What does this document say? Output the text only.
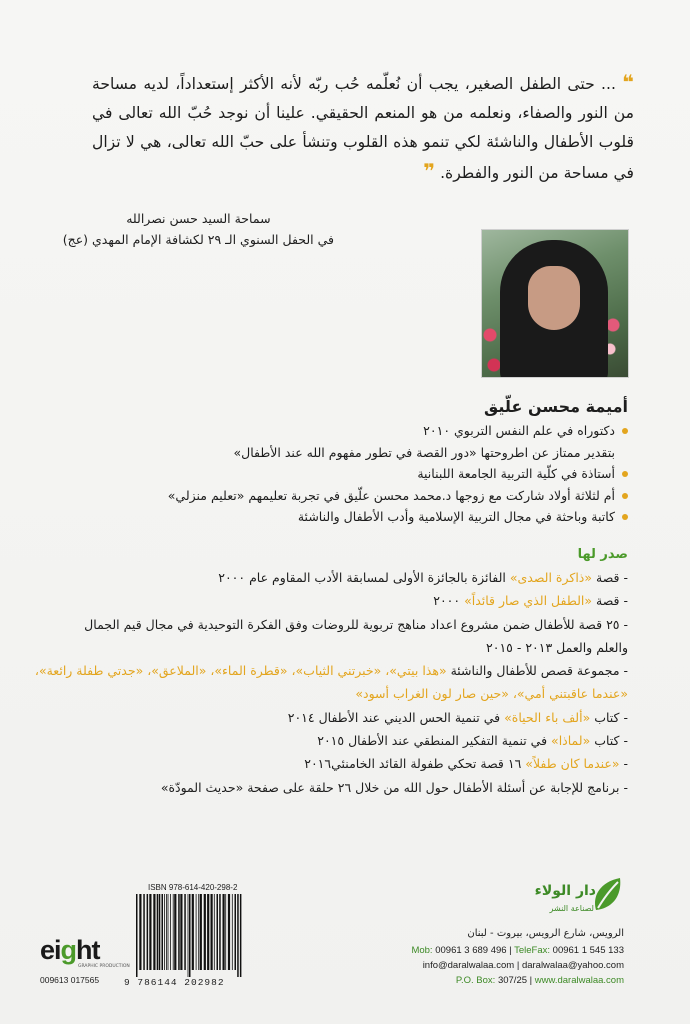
❝ ... حتى الطفل الصغير، يجب أن نُعلّمه حُب ربّه لأنه الأكثر إستعداداً، لديه مساحة من النور والصفاء، ونعلمه من هو المنعم الحقيقي. علينا أن نوجد حُبّ الله تعالى في قلوب الأطفال والناشئة لكي تنمو هذه القلوب وتنشأ على حبّ الله تعالى، هي لا تزال في مساحة من النور والفطرة. ❞
سماحة السيد حسن نصرالله
في الحفل السنوي الـ ٢٩ لكشافة الإمام المهدي (عج)
أميمة محسن علّيق
دكتوراه في علم النفس التربوي ٢٠١٠
بتقدير ممتاز عن اطروحتها «دور القصة في تطور مفهوم الله عند الأطفال»
أستاذة في كلّية التربية الجامعة اللبنانية
أم لثلاثة أولاد شاركت مع زوجها د.محمد محسن علّيق في تجربة تعليمهم «تعليم منزلي»
كاتبة وباحثة في مجال التربية الإسلامية وأدب الأطفال والناشئة
صدر لها
- قصة «ذاكرة الصدى» الفائزة بالجائزة الأولى لمسابقة الأدب المقاوم عام ٢٠٠٠
- قصة «الطفل الذي صار قائداً» ٢٠٠٠
- ٢٥ قصة للأطفال ضمن مشروع اعداد مناهج تربوية للروضات وفق الفكرة التوحيدية في مجال قيم الجمال
والعلم والعمل ٢٠١٣ - ٢٠١٥
- مجموعة قصص للأطفال والناشئة «هذا بيتي»، «خبرتني الثياب»، «قطرة الماء»، «الملاعق»، «جدتي طفلة رائعة»،
«عندما عاقبتني أمي»، «حين صار لون الغراب أسود»
- كتاب «ألف باء الحياة» في تنمية الحس الديني عند الأطفال ٢٠١٤
- كتاب «لماذا» في تنمية التفكير المنطقي عند الأطفال ٢٠١٥
- «عندما كان طفلاً» ١٦ قصة تحكي طفولة القائد الخامنئي٢٠١٦
- برنامج للإجابة عن أسئلة الأطفال حول الله من خلال ٢٦ حلقة على صفحة «حديث المودّة»
ISBN 978-614-420-298-2
9 786144 202982
eight
GRAPHIC PRODUCTION
009613 017565
دار الولاء
لصناعة النشر
الرويس، شارع الرويس، بيروت - لبنان
Mob: 00961 3 689 496 | TeleFax: 00961 1 545 133
info@daralwalaa.com | daralwalaa@yahoo.com
P.O. Box: 307/25 | www.daralwalaa.com
